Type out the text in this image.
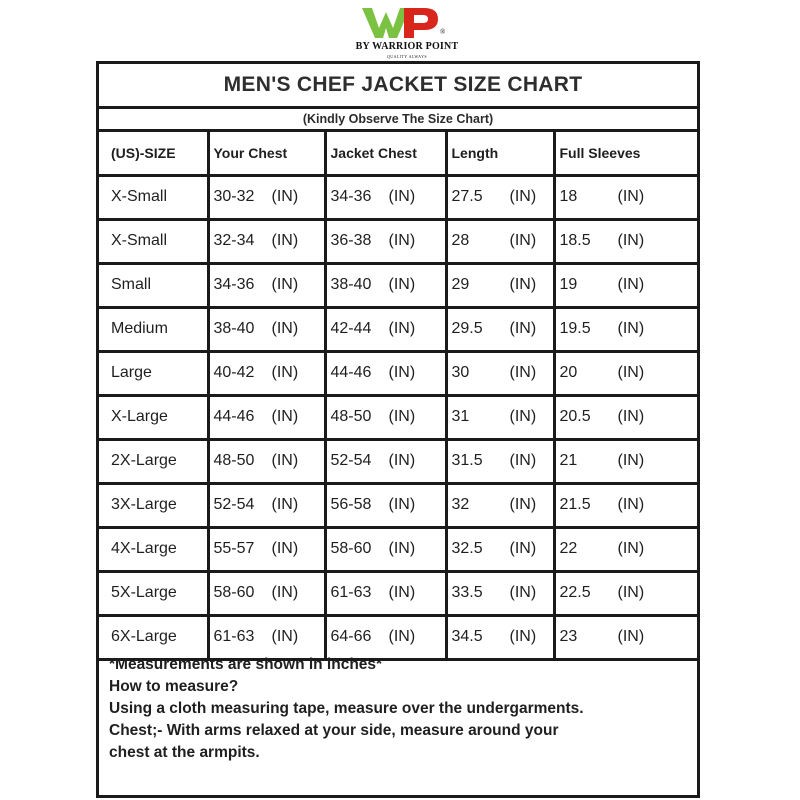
®
BY WARRIOR POINT
QUALITY ALWAYS
MEN'S CHEF JACKET SIZE CHART
(Kindly Observe The Size Chart)
(US)-SIZE	Your Chest	Jacket Chest	Length	Full Sleeves
X-Small	30-32 (IN)	34-36 (IN)	27.5 (IN)	18 (IN)
X-Small	32-34 (IN)	36-38 (IN)	28 (IN)	18.5 (IN)
Small	34-36 (IN)	38-40 (IN)	29 (IN)	19 (IN)
Medium	38-40 (IN)	42-44 (IN)	29.5 (IN)	19.5 (IN)
Large	40-42 (IN)	44-46 (IN)	30 (IN)	20 (IN)
X-Large	44-46 (IN)	48-50 (IN)	31 (IN)	20.5 (IN)
2X-Large	48-50 (IN)	52-54 (IN)	31.5 (IN)	21 (IN)
3X-Large	52-54 (IN)	56-58 (IN)	32 (IN)	21.5 (IN)
4X-Large	55-57 (IN)	58-60 (IN)	32.5 (IN)	22 (IN)
5X-Large	58-60 (IN)	61-63 (IN)	33.5 (IN)	22.5 (IN)
6X-Large	61-63 (IN)	64-66 (IN)	34.5 (IN)	23 (IN)
*Measurements are shown in inches*
How to measure?
Using a cloth measuring tape, measure over the undergarments.
Chest;- With arms relaxed at your side, measure around your
chest at the armpits.
